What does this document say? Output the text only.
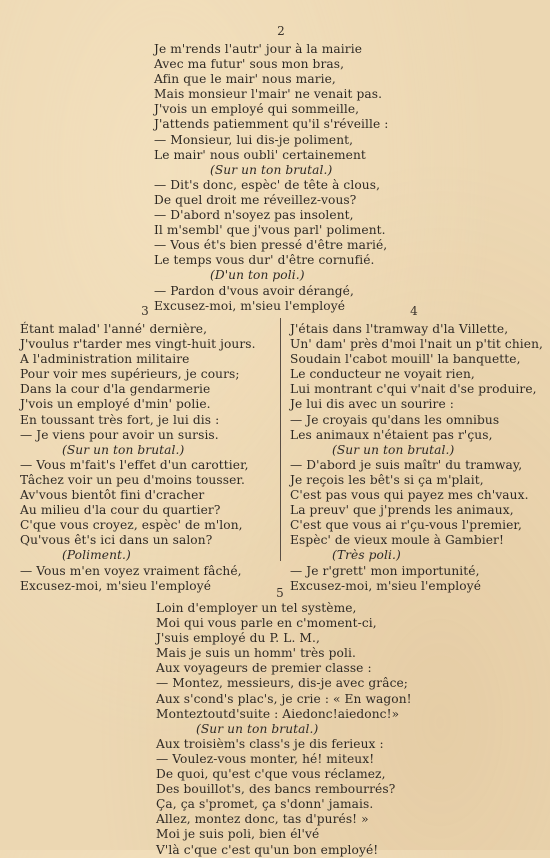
2
Je m'rends l'autr' jour à la mairie
Avec ma futur' sous mon bras,
Afin que le mair' nous marie,
Mais monsieur l'mair' ne venait pas.
J'vois un employé qui sommeille,
J'attends patiemment qu'il s'réveille :
— Monsieur, lui dis-je poliment,
Le mair' nous oubli' certainement
(Sur un ton brutal.)
— Dit's donc, espèc' de tête à clous,
De quel droit me réveillez-vous?
— D'abord n'soyez pas insolent,
Il m'sembl' que j'vous parl' poliment.
— Vous ét's bien pressé d'être marié,
Le temps vous dur' d'être cornufié.
(D'un ton poli.)
— Pardon d'vous avoir dérangé,
Excusez-moi, m'sieu l'employé
3
Étant malad' l'anné' dernière,
J'voulus r'tarder mes vingt-huit jours.
A l'administration militaire
Pour voir mes supérieurs, je cours;
Dans la cour d'la gendarmerie
J'vois un employé d'min' polie.
En toussant très fort, je lui dis :
— Je viens pour avoir un sursis.
(Sur un ton brutal.)
— Vous m'fait's l'effet d'un carottier,
Tâchez voir un peu d'moins tousser.
Av'vous bientôt fini d'cracher
Au milieu d'la cour du quartier?
C'que vous croyez, espèc' de m'lon,
Qu'vous êt's ici dans un salon?
(Poliment.)
— Vous m'en voyez vraiment fâché,
Excusez-moi, m'sieu l'employé
4
J'étais dans l'tramway d'la Villette,
Un' dam' près d'moi l'nait un p'tit chien,
Soudain l'cabot mouill' la banquette,
Le conducteur ne voyait rien,
Lui montrant c'qui v'nait d'se produire,
Je lui dis avec un sourire :
— Je croyais qu'dans les omnibus
Les animaux n'étaient pas r'çus,
(Sur un ton brutal.)
— D'abord je suis maîtr' du tramway,
Je reçois les bêt's si ça m'plait,
C'est pas vous qui payez mes ch'vaux.
La preuv' que j'prends les animaux,
C'est que vous ai r'çu-vous l'premier,
Espèc' de vieux moule à Gambier!
(Très poli.)
— Je r'grett' mon importunité,
Excusez-moi, m'sieu l'employé
5
Loin d'employer un tel système,
Moi qui vous parle en c'moment-ci,
J'suis employé du P. L. M.,
Mais je suis un homm' très poli.
Aux voyageurs de premier classe :
— Montez, messieurs, dis-je avec grâce;
Aux s'cond's plac's, je crie : « En wagon!
Monteztoutd'suite : Aiedonc!aiedonc!»
(Sur un ton brutal.)
Aux troisièm's class's je dis ferieux :
— Voulez-vous monter, hé! miteux!
De quoi, qu'est c'que vous réclamez,
Des bouillot's, des bancs rembourrés?
Ça, ça s'promet, ça s'donn' jamais.
Allez, montez donc, tas d'purés! »
Moi je suis poli, bien él'vé
V'là c'que c'est qu'un bon employé!
